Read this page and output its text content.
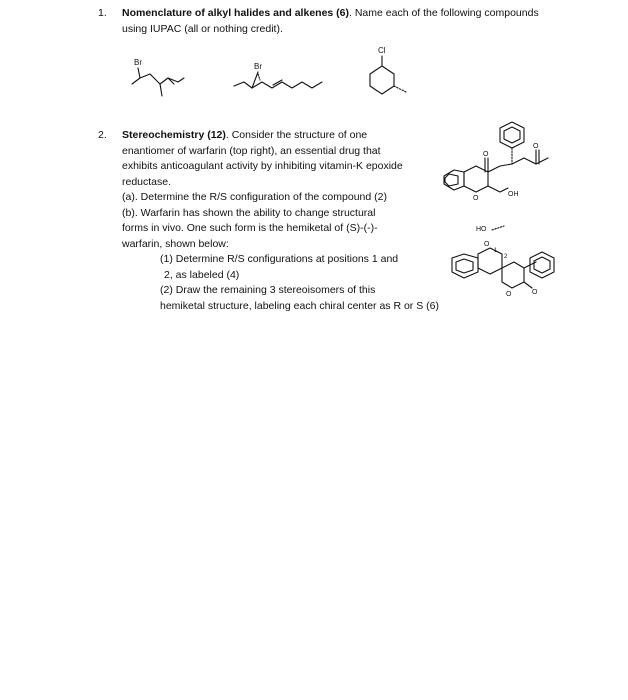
1.	Nomenclature of alkyl halides and alkenes (6). Name each of the following compounds
using IUPAC (all or nothing credit).
Br	Br
Cl
2.	Stereochemistry (12). Consider the structure of one
enantiomer of warfarin (top right), an essential drug that
exhibits anticoagulant activity by inhibiting vitamin-K epoxide
reductase.
(a). Determine the R/S configuration of the compound (2)
(b). Warfarin has shown the ability to change structural
forms in vivo. One such form is the hemiketal of (S)-(-)-
warfarin, shown below:
(1) Determine R/S configurations at positions 1 and
2, as labeled (4)
(2) Draw the remaining 3 stereoisomers of this
hemiketal structure, labeling each chiral center as R or S (6)
O
O
O
OH
HO
O
1
2
O
O
